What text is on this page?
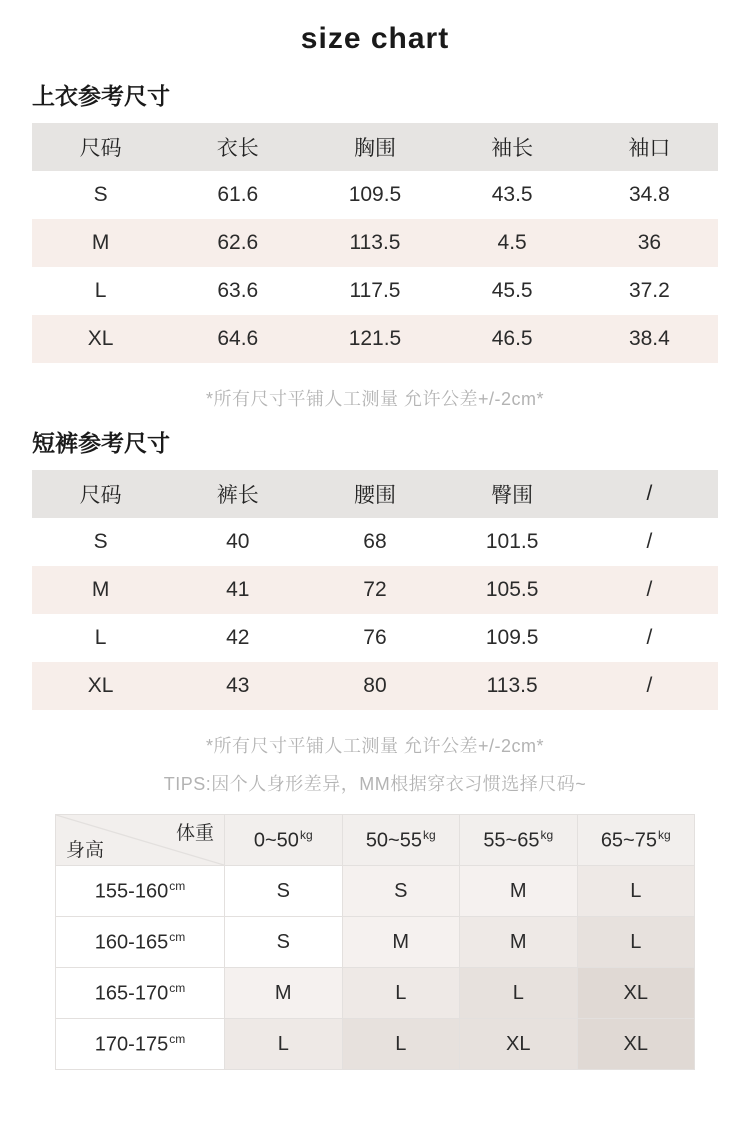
size chart
上衣参考尺寸
尺码	衣长	胸围	袖长	袖口
S	61.6	109.5	43.5	34.8
M	62.6	113.5	4.5	36
L	63.6	117.5	45.5	37.2
XL	64.6	121.5	46.5	38.4
*所有尺寸平铺人工测量 允许公差+/-2cm*
短裤参考尺寸
尺码	裤长	腰围	臀围	/
S	40	68	101.5	/
M	41	72	105.5	/
L	42	76	109.5	/
XL	43	80	113.5	/
*所有尺寸平铺人工测量 允许公差+/-2cm*
TIPS:因个人身形差异，MM根据穿衣习惯选择尺码~
体重
身高	$0\sim 50^{kg}$	$50\sim 55^{kg}$	$55\sim 65^{kg}$	$65\sim 75^{kg}$
$155-160^{cm}$	S	S	M	L
$160-165^{cm}$	S	M	M	L
$165-170^{cm}$	M	L	L	XL
$170-175^{cm}$	L	L	XL	XL
